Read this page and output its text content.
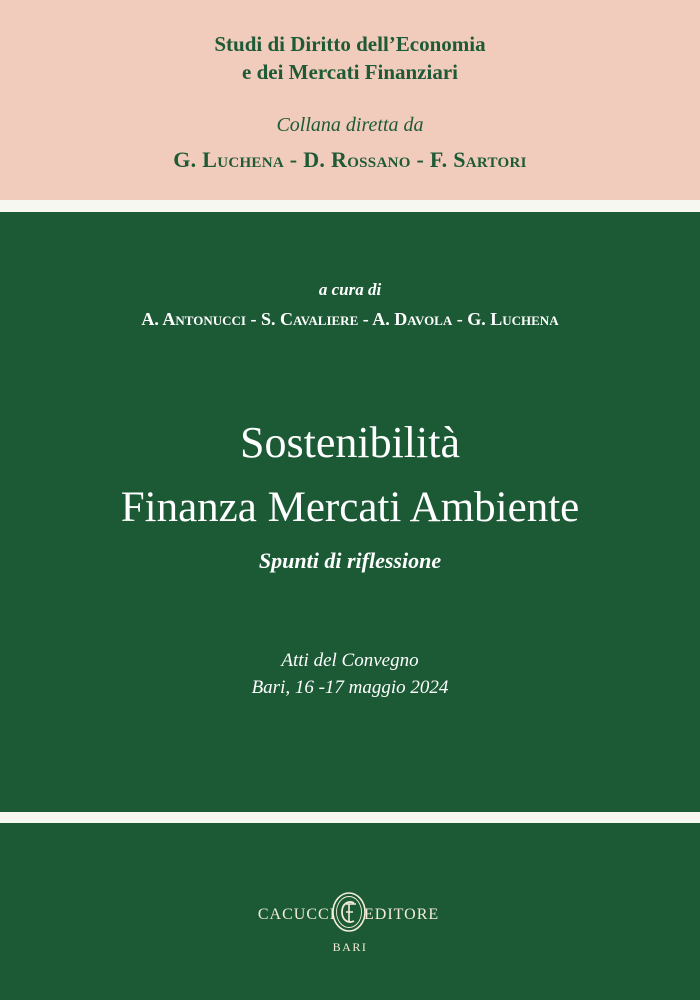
Studi di Diritto dell’Economia
e dei Mercati Finanziari
Collana diretta da
G. Luchena - D. Rossano - F. Sartori
a cura di
A. Antonucci - S. Cavaliere - A. Davola - G. Luchena
Sostenibilità
Finanza Mercati Ambiente
Spunti di riflessione
Atti del Convegno
Bari, 16 -17 maggio 2024
CACUCCI EDITORE
BARI
